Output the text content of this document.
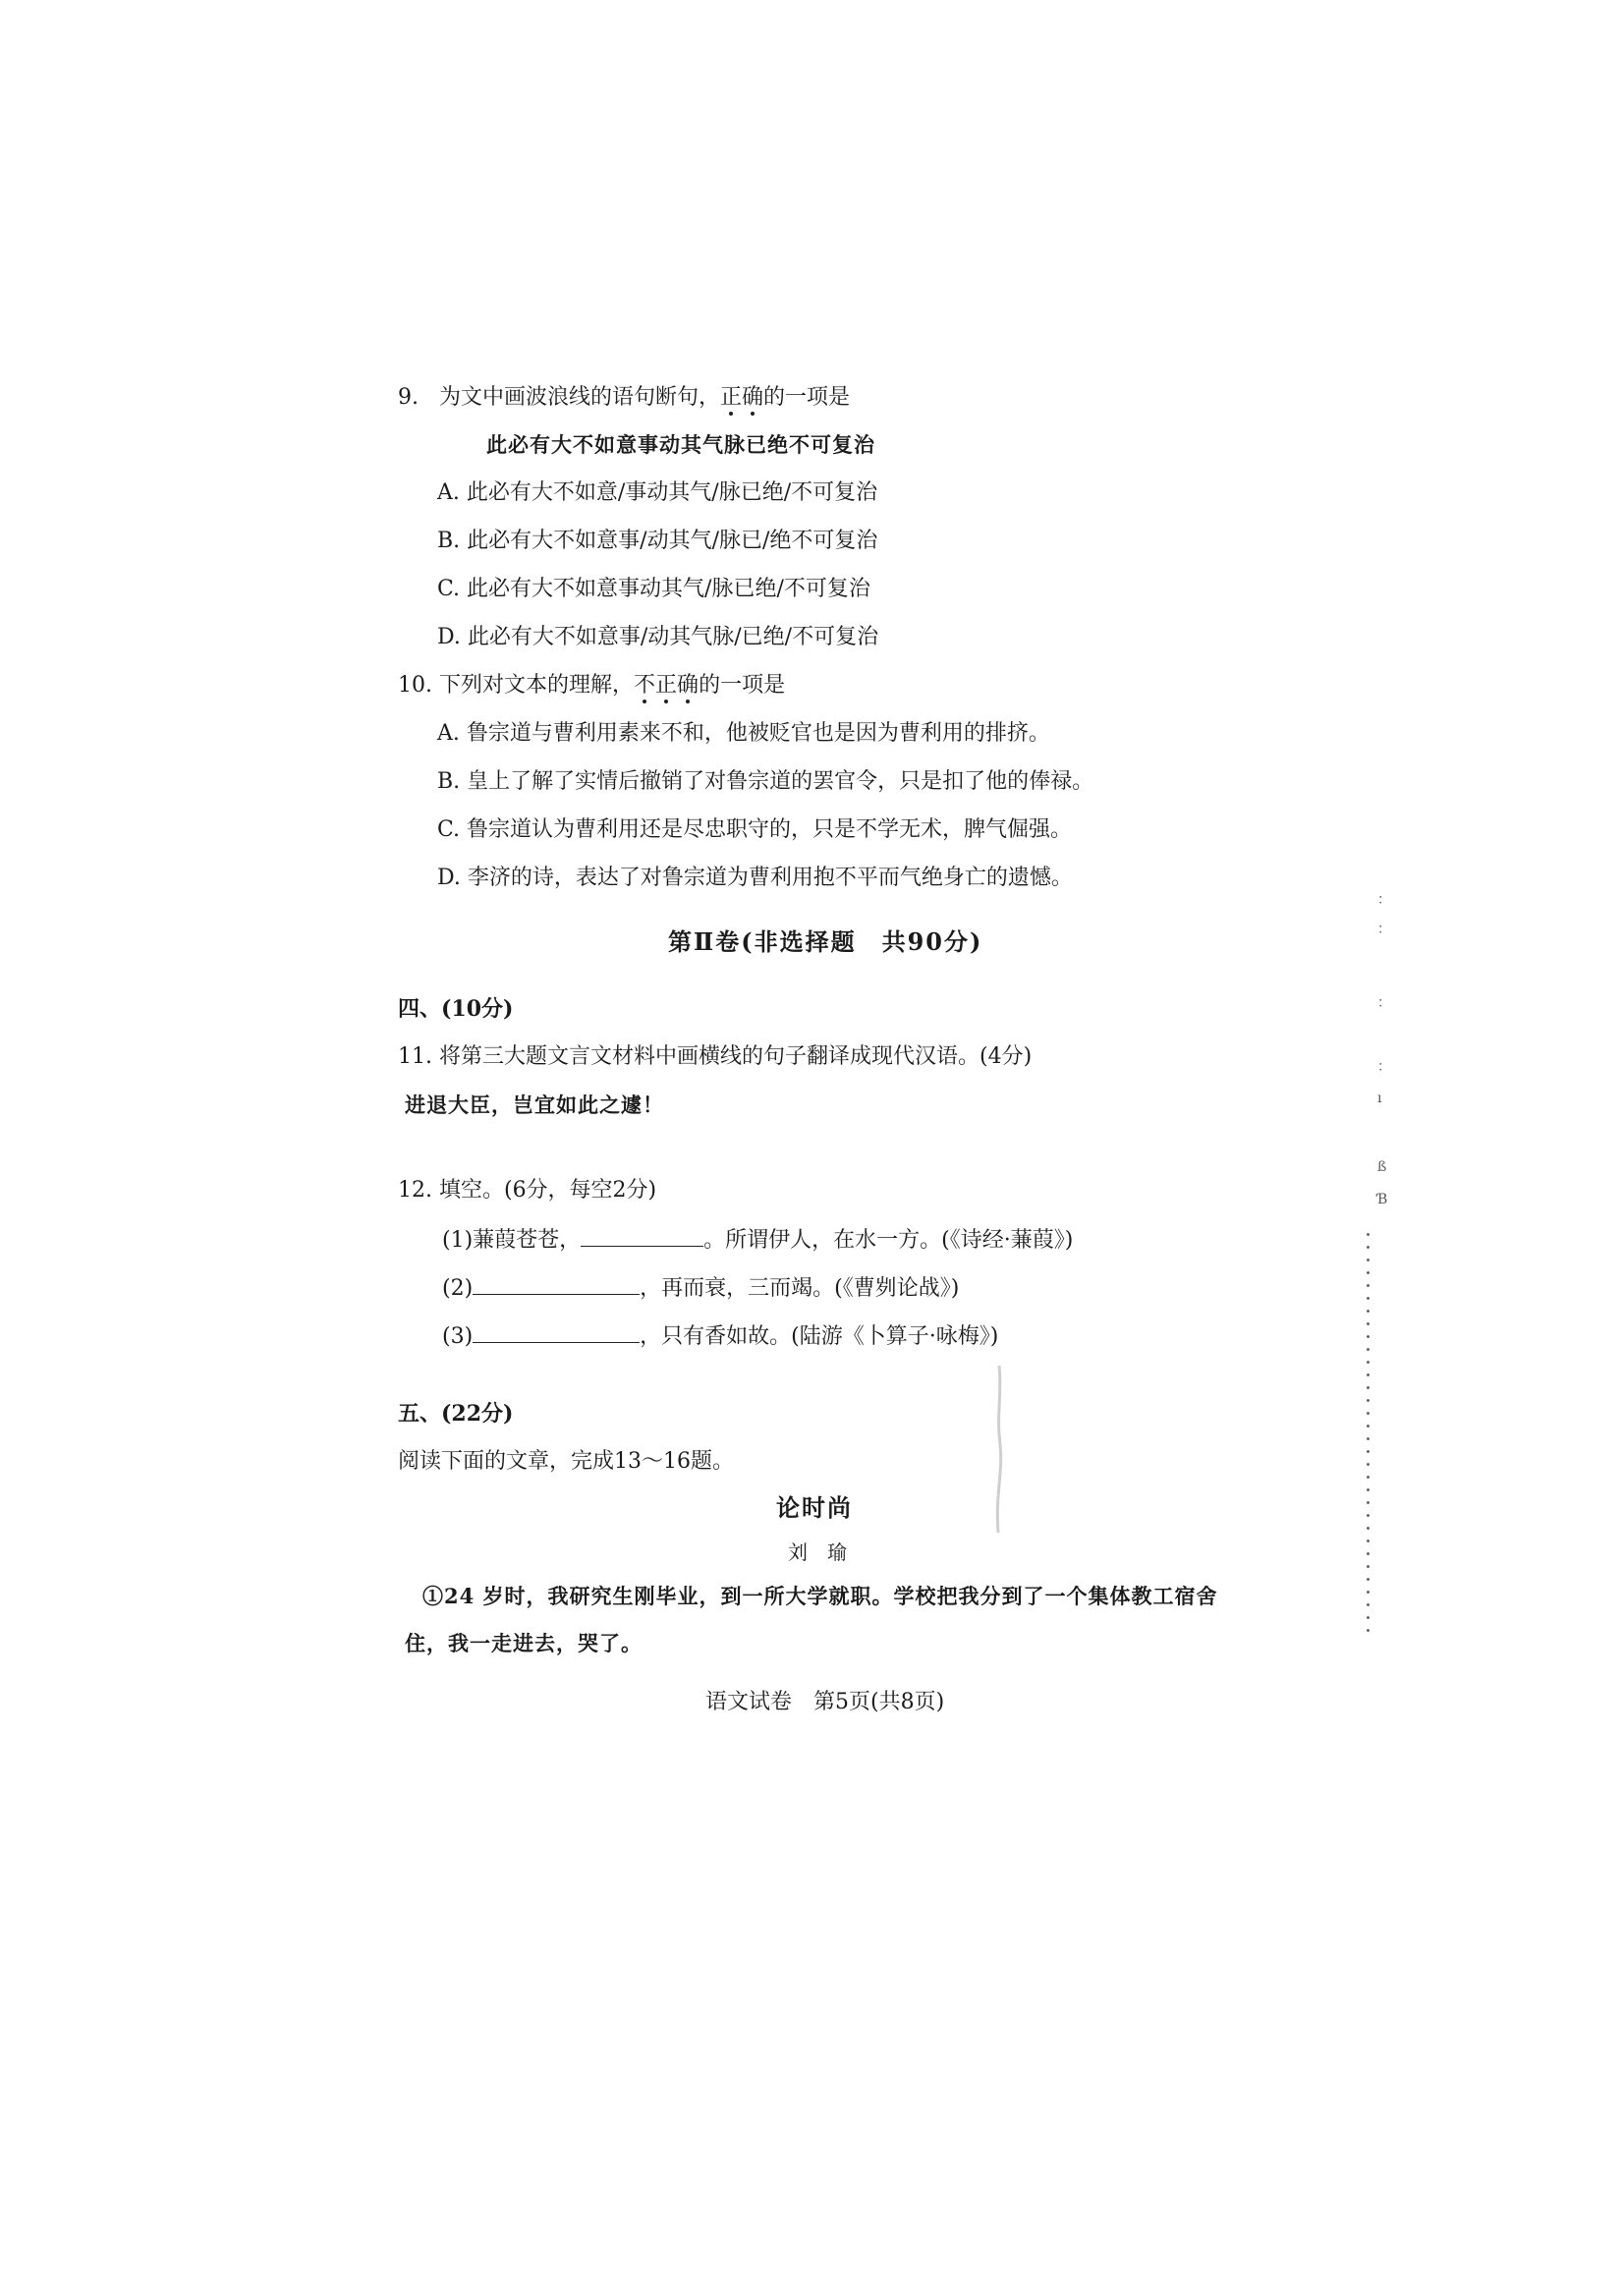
9. 为文中画波浪线的语句断句，正确的一项是
此必有大不如意事动其气脉已绝不可复治
A. 此必有大不如意/事动其气/脉已绝/不可复治
B. 此必有大不如意事/动其气/脉已/绝不可复治
C. 此必有大不如意事动其气/脉已绝/不可复治
D. 此必有大不如意事/动其气脉/已绝/不可复治
10. 下列对文本的理解，不正确的一项是
A. 鲁宗道与曹利用素来不和，他被贬官也是因为曹利用的排挤。
B. 皇上了解了实情后撤销了对鲁宗道的罢官令，只是扣了他的俸禄。
C. 鲁宗道认为曹利用还是尽忠职守的，只是不学无术，脾气倔强。
D. 李济的诗，表达了对鲁宗道为曹利用抱不平而气绝身亡的遗憾。
第Ⅱ卷(非选择题　共90分)
四、(10分)
11. 将第三大题文言文材料中画横线的句子翻译成现代汉语。(4分)
进退大臣，岂宜如此之遽！
12. 填空。(6分，每空2分)
(1)蒹葭苍苍，	。所谓伊人，在水一方。(《诗经·蒹葭》)
(2)	，再而衰，三而竭。(《曹刿论战》)
(3)	，只有香如故。(陆游《卜算子·咏梅》)
五、(22分)
阅读下面的文章，完成13～16题。
论时尚
刘　瑜
①24 岁时，我研究生刚毕业，到一所大学就职。学校把我分到了一个集体教工宿舍
住，我一走进去，哭了。
语文试卷　第5页(共8页)
：
：
：
：
ı
ß
Ɓ
